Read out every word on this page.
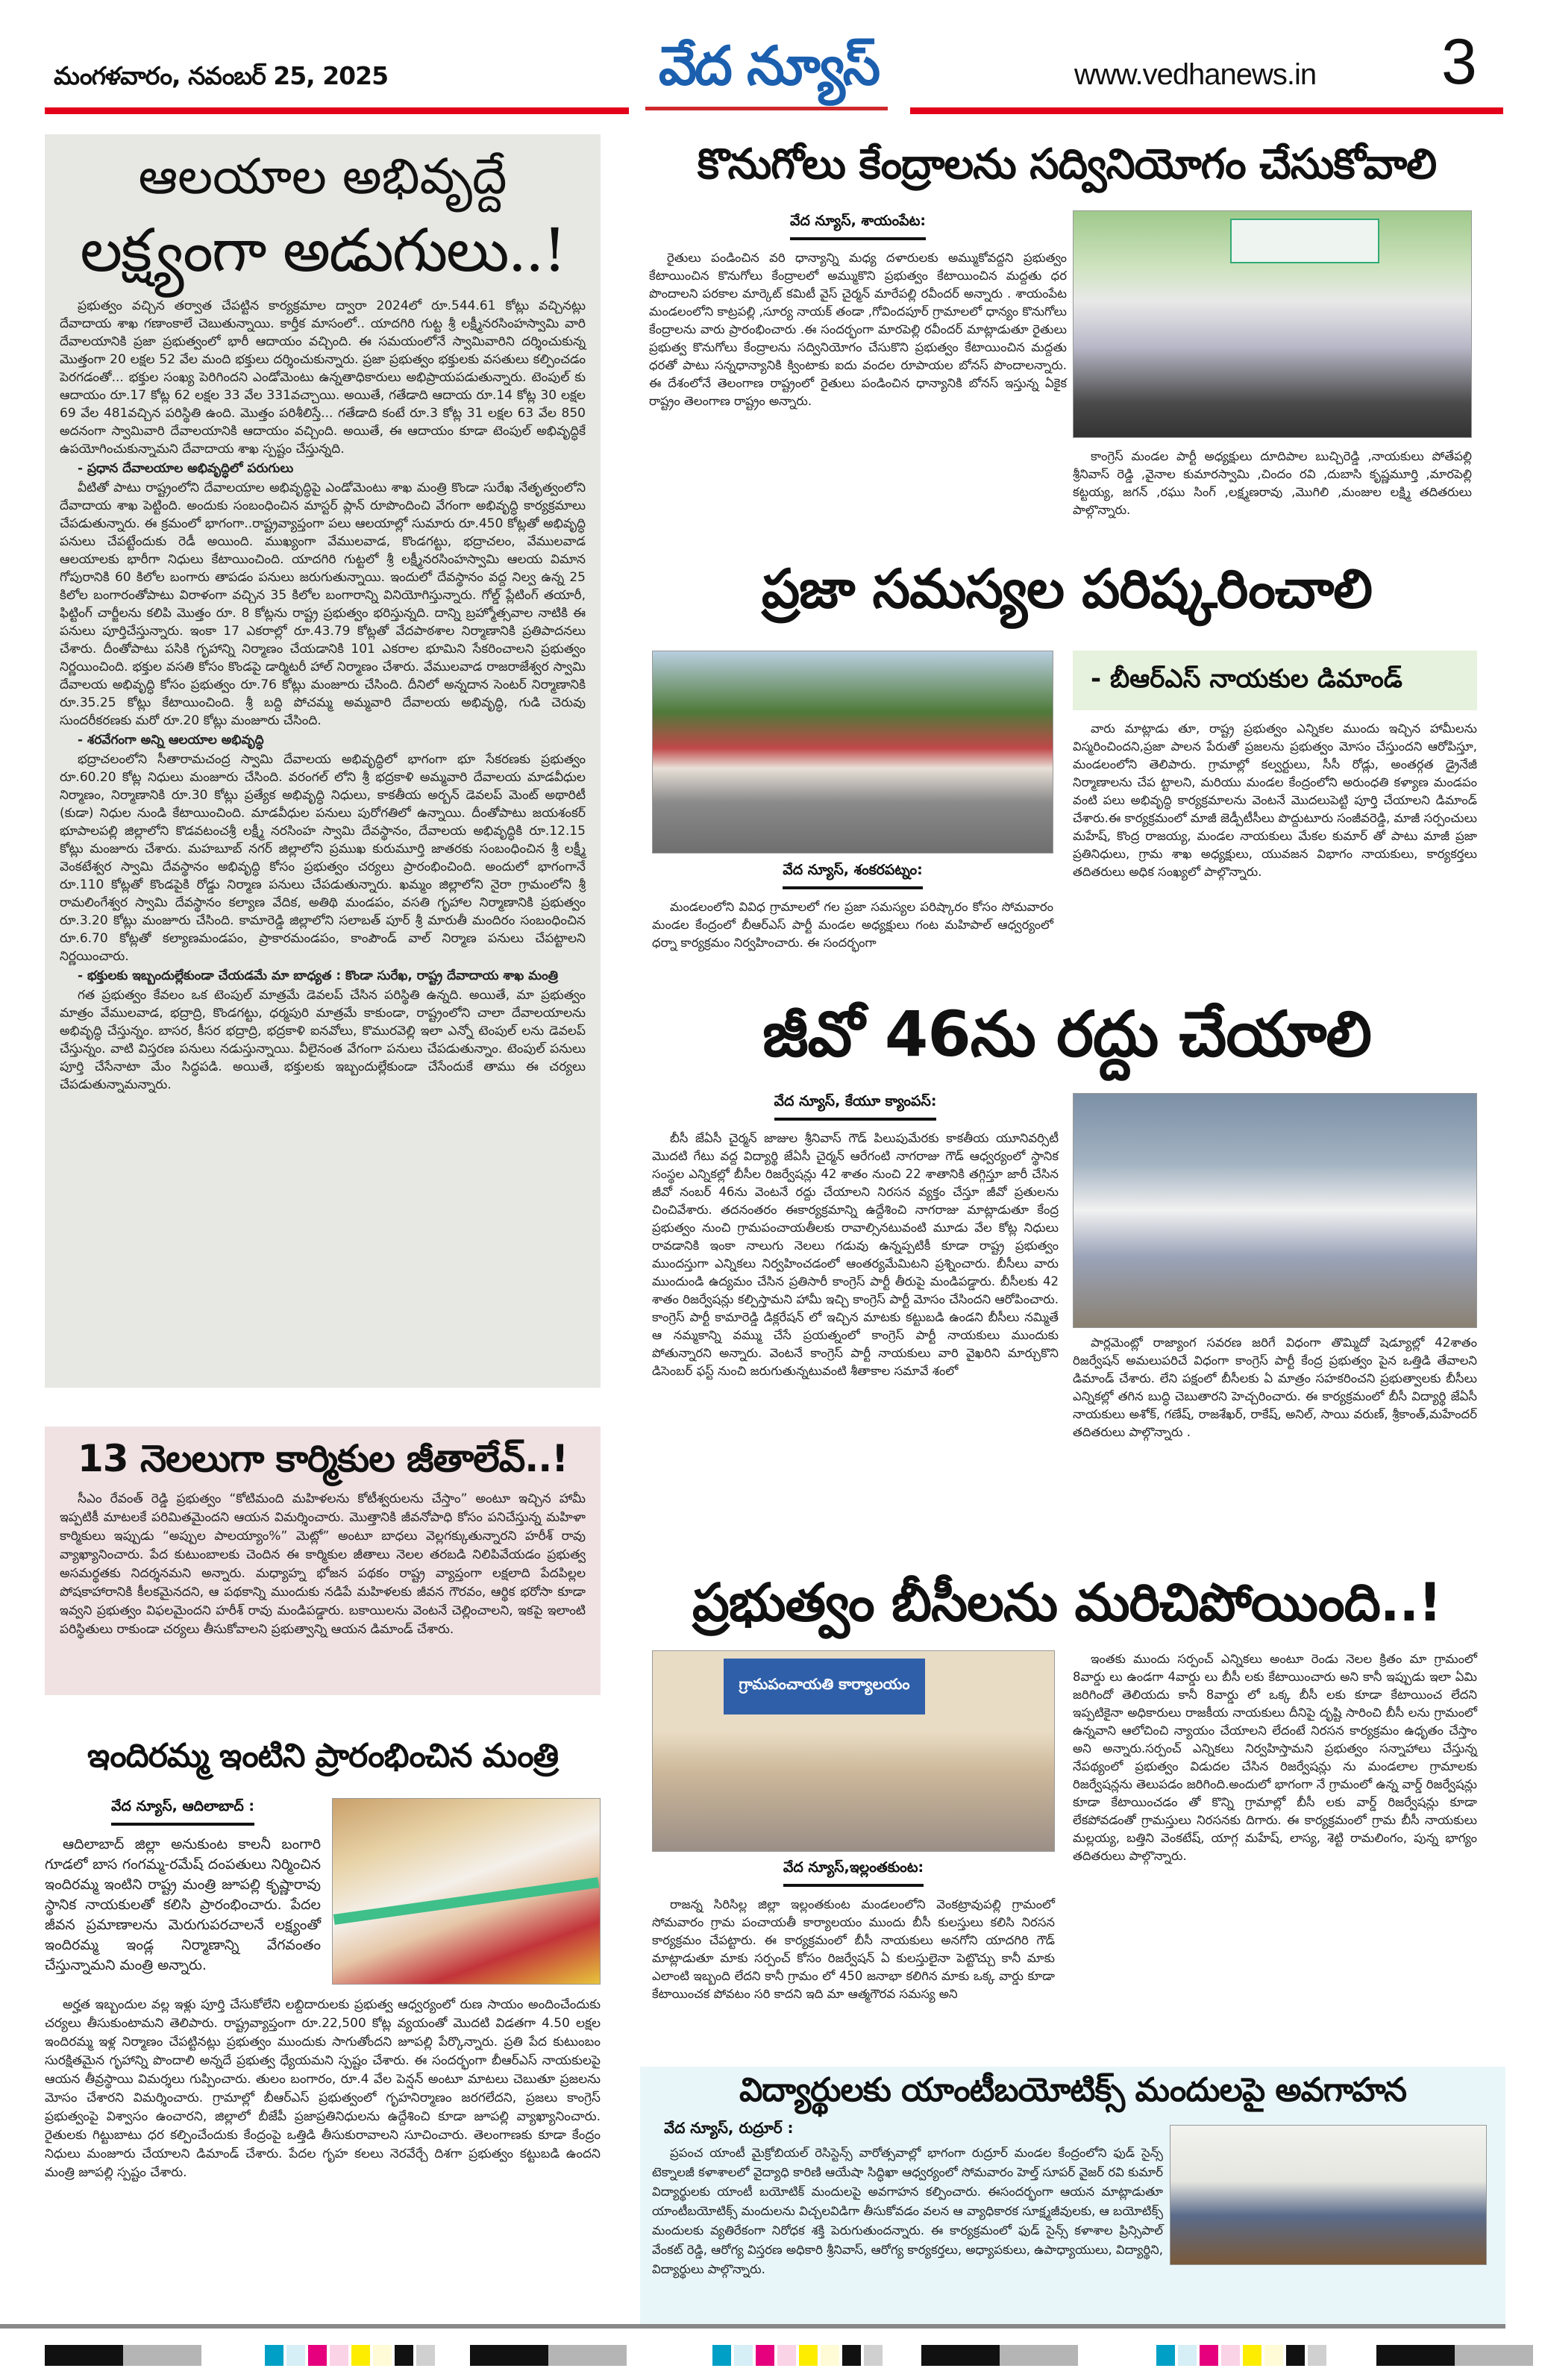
మంగళవారం, నవంబర్ 25, 2025	వేద న్యూస్	www.vedhanews.in 3
ఆలయాల అభివృద్దే
లక్ష్యంగా అడుగులు..!

ప్రభుత్వం వచ్చిన తర్వాత చేపట్టిన కార్యక్రమాల ద్వారా 2024లో రూ.544.61 కోట్లు వచ్చినట్లు దేవాదాయ శాఖ గణాంకాలే చెబుతున్నాయి. కార్తీక మాసంలో.. యాదగిరి గుట్ట శ్రీ లక్ష్మీనరసింహస్వామి వారి దేవాలయానికి ప్రజా ప్రభుత్వంలో భారీ ఆదాయం వచ్చింది. ఈ సమయంలోనే స్వామివారిని దర్శించుకున్న మొత్తంగా 20 లక్షల 52 వేల మంది భక్తులు దర్శించుకున్నారు. ప్రజా ప్రభుత్వం భక్తులకు వసతులు కల్పించడం పెరగడంతో... భక్తుల సంఖ్య పెరిగిందని ఎండోమెంటు ఉన్నతాధికారులు అభిప్రాయపడుతున్నారు. టెంపుల్ కు ఆదాయం రూ.17 కోట్ల 62 లక్షల 33 వేల 331వచ్చాయి. అయితే, గతేడాది ఆదాయ రూ.14 కోట్ల 30 లక్షల 69 వేల 481వచ్చిన పరిస్థితి ఉంది. మొత్తం పరిశీలిస్తే... గతేడాది కంటే రూ.3 కోట్ల 31 లక్షల 63 వేల 850 అదనంగా స్వామివారి దేవాలయానికి ఆదాయం వచ్చింది. అయితే, ఈ ఆదాయం కూడా టెంపుల్ అభివృద్ధికే ఉపయోగించుకున్నామని దేవాదాయ శాఖ స్పష్టం చేస్తున్నది.

- ప్రధాన దేవాలయాల అభివృద్ధిలో పరుగులు

వీటితో పాటు రాష్ట్రంలోని దేవాలయాల అభివృద్ధిపై ఎండోమెంటు శాఖ మంత్రి కొండా సురేఖ నేతృత్వంలోని దేవాదాయ శాఖ పెట్టింది. అందుకు సంబంధించిన మాస్టర్ ప్లాన్ రూపొందించి వేగంగా అభివృద్ధి కార్యక్రమాలు చేపడుతున్నారు. ఈ క్రమంలో భాగంగా..రాష్ట్రవ్యాప్తంగా పలు ఆలయాల్లో సుమారు రూ.450 కోట్లతో అభివృద్ధి పనులు చేపట్టేందుకు రెడీ అయింది. ముఖ్యంగా వేములవాడ, కొండగట్టు, భద్రాచలం, వేములవాడ ఆలయాలకు భారీగా నిధులు కేటాయించింది. యాదగిరి గుట్టలో శ్రీ లక్ష్మీనరసింహస్వామి ఆలయ విమాన గోపురానికి 60 కిలోల బంగారు తాపడం పనులు జరుగుతున్నాయి. ఇందులో దేవస్థానం వద్ద నిల్వ ఉన్న 25 కిలోల బంగారంతోపాటు విరాళంగా వచ్చిన 35 కిలోల బంగారాన్ని వినియోగిస్తున్నారు. గోల్డ్ ప్లేటింగ్ తయారీ, ఫిట్టింగ్ చార్జీలను కలిపి మొత్తం రూ. 8 కోట్లను రాష్ట్ర ప్రభుత్వం భరిస్తున్నది. దాన్ని బ్రహ్మోత్సవాల నాటికి ఈ పనులు పూర్తిచేస్తున్నారు. ఇంకా 17 ఎకరాల్లో రూ.43.79 కోట్లతో వేదపాఠశాల నిర్మాణానికి ప్రతిపాదనలు చేశారు. దీంతోపాటు పసికి గృహాన్ని నిర్మాణం చేయడానికి 101 ఎకరాల భూమిని సేకరించాలని ప్రభుత్వం నిర్ణయించింది. భక్తుల వసతి కోసం కొండపై డార్మిటరీ హాల్ నిర్మాణం చేశారు. వేములవాడ రాజరాజేశ్వర స్వామి దేవాలయ అభివృద్ధి కోసం ప్రభుత్వం రూ.76 కోట్లు మంజూరు చేసింది. దీనిలో అన్నదాన సెంటర్ నిర్మాణానికి రూ.35.25 కోట్లు కేటాయించింది. శ్రీ బద్ది పోచమ్మ అమ్మవారి దేవాలయ అభివృద్ధి, గుడి చెరువు సుందరీకరణకు మరో రూ.20 కోట్లు మంజూరు చేసింది.

- శరవేగంగా అన్ని ఆలయాల అభివృద్ధి

భద్రాచలంలోని సీతారామచంద్ర స్వామి దేవాలయ అభివృద్ధిలో భాగంగా భూ సేకరణకు ప్రభుత్వం రూ.60.20 కోట్ల నిధులు మంజూరు చేసింది. వరంగల్ లోని శ్రీ భద్రకాళి అమ్మవారి దేవాలయ మాడవీధుల నిర్మాణం, నిర్మాణానికి రూ.30 కోట్లు ప్రత్యేక అభివృద్ధి నిధులు, కాకతీయ అర్బన్ డెవలప్ మెంట్ అథారిటీ (కుడా) నిధుల నుండి కేటాయించింది. మాడవీధుల పనులు పురోగతిలో ఉన్నాయి. దీంతోపాటు జయశంకర్ భూపాలపల్లి జిల్లాలోని కొడవటంచశ్రీ లక్ష్మీ నరసింహ స్వామి దేవస్థానం, దేవాలయ అభివృద్ధికి రూ.12.15 కోట్లు మంజూరు చేశారు. మహబూబ్ నగర్ జిల్లాలోని ప్రముఖ కురుమూర్తి జాతరకు సంబంధించిన శ్రీ లక్ష్మీ వెంకటేశ్వర స్వామి దేవస్థానం అభివృద్ధి కోసం ప్రభుత్వం చర్యలు ప్రారంభించింది. అందులో భాగంగానే రూ.110 కోట్లతో కొండపైకి రోడ్డు నిర్మాణ పనులు చేపడుతున్నారు. ఖమ్మం జిల్లాలోని నైరా గ్రామంలోని శ్రీ రామలింగేశ్వర స్వామి దేవస్థానం కల్యాణ వేదిక, అతిథి మండపం, వసతి గృహాల నిర్మాణానికి ప్రభుత్వం రూ.3.20 కోట్లు మంజూరు చేసింది. కామారెడ్డి జిల్లాలోని సలాబత్ పూర్ శ్రీ మారుతీ మందిరం సంబంధించిన రూ.6.70 కోట్లతో కల్యాణమండపం, ప్రాకారమండపం, కాంపౌండ్ వాల్ నిర్మాణ పనులు చేపట్టాలని నిర్ణయించారు.

- భక్తులకు ఇబ్బందుల్లేకుండా చేయడమే మా బాధ్యత : కొండా సురేఖ, రాష్ట్ర దేవాదాయ శాఖ మంత్రి

గత ప్రభుత్వం కేవలం ఒక టెంపుల్ మాత్రమే డెవలప్ చేసిన పరిస్థితి ఉన్నది. అయితే, మా ప్రభుత్వం మాత్రం వేములవాడ, భద్రాద్రి, కొండగట్టు, ధర్మపురి మాత్రమే కాకుండా, రాష్ట్రంలోని చాలా దేవాలయాలను అభివృద్ధి చేస్తున్నం. బాసర, కీసర భద్రాద్రి, భద్రకాళి ఐనవోలు, కొమురవెల్లి ఇలా ఎన్నో టెంపుల్ లను డెవలప్ చేస్తున్నం. వాటి విస్తరణ పనులు నడుస్తున్నాయి. వీలైనంత వేగంగా పనులు చేపడుతున్నాం. టెంపుల్ పనులు పూర్తి చేసేనాటా మేం సిద్ధపడి. అయితే, భక్తులకు ఇబ్బందుల్లేకుండా చేసేందుకే తాము ఈ చర్యలు చేపడుతున్నామన్నారు.

13 నెలలుగా కార్మికుల జీతాలేవ్..!

సీఎం రేవంత్ రెడ్డి ప్రభుత్వం “కోటిమంది మహిళలను కోటీశ్వరులను చేస్తాం” అంటూ ఇచ్చిన హామీ ఇప్పటికీ మాటలకే పరిమితమైందని ఆయన విమర్శించారు. మొత్తానికి జీవనోపాధి కోసం పనిచేస్తున్న మహిళా కార్మికులు ఇప్పుడు “అప్పుల పాలయ్యాం%” మెట్లో” అంటూ బాధలు వెల్లగక్కుతున్నారని హరీశ్ రావు వ్యాఖ్యానించారు. పేద కుటుంబాలకు చెందిన ఈ కార్మికుల జీతాలు నెలల తరబడి నిలిపివేయడం ప్రభుత్వ అసమర్థతకు నిదర్శనమని అన్నారు. మధ్యాహ్న భోజన పథకం రాష్ట్ర వ్యాప్తంగా లక్షలాది పేదపిల్లల పోషకాహారానికి కీలకమైనదని, ఆ పథకాన్ని ముందుకు నడిపే మహిళలకు జీవన గౌరవం, ఆర్థిక భరోసా కూడా ఇవ్వని ప్రభుత్వం విఫలమైందని హరీశ్ రావు మండిపడ్డారు. బకాయిలను వెంటనే చెల్లించాలని, ఇకపై ఇలాంటి పరిస్థితులు రాకుండా చర్యలు తీసుకోవాలని ప్రభుత్వాన్ని ఆయన డిమాండ్ చేశారు.

ఇందిరమ్మ ఇంటిని ప్రారంభించిన మంత్రి
వేద న్యూస్, ఆదిలాబాద్ :

ఆదిలాబాద్ జిల్లా అనుకుంట కాలనీ బంగారి గూడలో బాస గంగమ్మ-రమేష్ దంపతులు నిర్మించిన ఇందిరమ్మ ఇంటిని రాష్ట్ర మంత్రి జూపల్లి కృష్ణారావు స్థానిక నాయకులతో కలిసి ప్రారంభించారు. పేదల జీవన ప్రమాణాలను మెరుగుపరచాలనే లక్ష్యంతో ఇందిరమ్మ ఇండ్ల నిర్మాణాన్ని వేగవంతం చేస్తున్నామని మంత్రి అన్నారు.

అర్హత ఇబ్బందుల వల్ల ఇళ్లు పూర్తి చేసుకోలేని లబ్దిదారులకు ప్రభుత్వ ఆధ్వర్యంలో రుణ సాయం అందించేందుకు చర్యలు తీసుకుంటామని తెలిపారు. రాష్ట్రవ్యాప్తంగా రూ.22,500 కోట్ల వ్యయంతో మొదటి విడతగా 4.50 లక్షల ఇందిరమ్మ ఇళ్ల నిర్మాణం చేపట్టినట్లు ప్రభుత్వం ముందుకు సాగుతోందని జూపల్లి పేర్కొన్నారు. ప్రతి పేద కుటుంబం సురక్షితమైన గృహాన్ని పొందాలి అన్నదే ప్రభుత్వ ధ్యేయమని స్పష్టం చేశారు. ఈ సందర్భంగా బీఆర్ఎస్ నాయకులపై ఆయన తీవ్రస్థాయి విమర్శలు గుప్పించారు. తులం బంగారం, రూ.4 వేల పెన్షన్ అంటూ మాటలు చెబుతూ ప్రజలను మోసం చేశారని విమర్శించారు. గ్రామాల్లో బీఆర్ఎస్ ప్రభుత్వంలో గృహనిర్మాణం జరగలేదని, ప్రజలు కాంగ్రెస్ ప్రభుత్వంపై విశ్వాసం ఉంచారని, జిల్లాలో బీజేపీ ప్రజాప్రతినిధులను ఉద్దేశించి కూడా జూపల్లి వ్యాఖ్యానించారు. రైతులకు గిట్టుబాటు ధర కల్పించేందుకు కేంద్రంపై ఒత్తిడి తీసుకురావాలని సూచించారు. తెలంగాణకు కూడా కేంద్రం నిధులు మంజూరు చేయాలని డిమాండ్ చేశారు. పేదల గృహ కలలు నెరవేర్చే దిశగా ప్రభుత్వం కట్టుబడి ఉందని మంత్రి జూపల్లి స్పష్టం చేశారు.

కొనుగోలు కేంద్రాలను సద్వినియోగం చేసుకోవాలి
వేద న్యూస్, శాయంపేట:

రైతులు పండించిన వరి ధాన్యాన్ని మధ్య దళారులకు అమ్ముకోవద్దని ప్రభుత్వం కేటాయించిన కొనుగోలు కేంద్రాలలో అమ్ముకొని ప్రభుత్వం కేటాయించిన మద్దతు ధర పొందాలని పరకాల మార్కెట్ కమిటీ వైస్ చైర్మన్ మారేపల్లి రవీందర్ అన్నారు . శాయంపేట మండలంలోని కాట్రపల్లి ,సూర్య నాయక్ తండా ,గోవిందపూర్ గ్రామాలలో ధాన్యం కొనుగోలు కేంద్రాలను వారు ప్రారంభించారు .ఈ సందర్భంగా మారపెల్లి రవీందర్ మాట్లాడుతూ రైతులు ప్రభుత్వ కొనుగోలు కేంద్రాలను సద్వినియోగం చేసుకొని ప్రభుత్వం కేటాయించిన మద్దతు ధరతో పాటు సన్నధాన్యానికి క్వింటాకు ఐదు వందల రూపాయల బోనస్ పొందాలన్నారు. ఈ దేశంలోనే తెలంగాణ రాష్ట్రంలో రైతులు పండించిన ధాన్యానికి బోనస్ ఇస్తున్న ఏకైక రాష్ట్రం తెలంగాణ రాష్ట్రం అన్నారు.

కాంగ్రెస్ మండల పార్టీ అధ్యక్షులు దూదిపాల బుచ్చిరెడ్డి ,నాయకులు పోతేపల్లి శ్రీనివాస్ రెడ్డి ,వైనాల కుమారస్వామి ,చిందం రవి ,దుబాసి కృష్ణమూర్తి ,మారపెల్లి కట్టయ్య, జగన్ ,రఘు సింగ్ ,లక్ష్మణరావు ,మొగిలి ,మంజుల లక్ష్మి తదితరులు పాల్గొన్నారు.

ప్రజా సమస్యల పరిష్కరించాలి
వేద న్యూస్, శంకరపట్నం:

మండలంలోని వివిధ గ్రామాలలో గల ప్రజా సమస్యల పరిష్కారం కోసం సోమవారం మండల కేంద్రంలో బీఆర్ఎస్ పార్టీ మండల అధ్యక్షులు గంట మహిపాల్ ఆధ్వర్యంలో ధర్నా కార్యక్రమం నిర్వహించారు. ఈ సందర్భంగా

- బీఆర్ఎస్ నాయకుల డిమాండ్

వారు మాట్లాడు తూ, రాష్ట్ర ప్రభుత్వం ఎన్నికల ముందు ఇచ్చిన హామీలను విస్మరించిందని,ప్రజా పాలన పేరుతో ప్రజలను ప్రభుత్వం మోసం చేస్తుందని ఆరోపిస్తూ, మండలంలోని తెలిపారు. గ్రామాల్లో కల్వర్టులు, సీసీ రోడ్లు, అంతర్గత డ్రైనేజీ నిర్మాణాలను చేప ట్టాలని, మరియు మండల కేంద్రంలోని అరుంధతి కళ్యాణ మండపం వంటి పలు అభివృద్ధి కార్యక్రమాలను వెంటనే మొదలుపెట్టి పూర్తి చేయాలని డిమాండ్ చేశారు.ఈ కార్యక్రమంలో మాజీ జెడ్పీటీసీలు పొద్దుటూరు సంజీవరెడ్డి, మాజీ సర్పంచులు మహేష్, కొంద్ర రాజయ్య, మండల నాయకులు మేకల కుమార్ తో పాటు మాజీ ప్రజా ప్రతినిధులు, గ్రామ శాఖ అధ్యక్షులు, యువజన విభాగం నాయకులు, కార్యకర్తలు తదితరులు అధిక సంఖ్యలో పాల్గొన్నారు.

జీవో 46ను రద్దు చేయాలి
వేద న్యూస్, కేయూ క్యాంపస్:

బీసీ జేఏసీ చైర్మన్ జాజుల శ్రీనివాస్ గౌడ్ పిలుపుమేరకు కాకతీయ యూనివర్సిటీ మొదటి గేటు వద్ద విద్యార్థి జేఏసీ చైర్మన్ ఆరేగంటి నాగరాజు గౌడ్ ఆధ్వర్యంలో స్థానిక సంస్థల ఎన్నికల్లో బీసీల రిజర్వేషన్లు 42 శాతం నుంచి 22 శాతానికి తగ్గిస్తూ జారీ చేసిన జీవో నంబర్ 46ను వెంటనే రద్దు చేయాలని నిరసన వ్యక్తం చేస్తూ జీవో ప్రతులను చించివేశారు. తదనంతరం ఈకార్యక్రమాన్ని ఉద్దేశించి నాగరాజు మాట్లాడుతూ కేంద్ర ప్రభుత్వం నుంచి గ్రామపంచాయతీలకు రావాల్సినటువంటి మూడు వేల కోట్ల నిధులు రావడానికి ఇంకా నాలుగు నెలలు గడువు ఉన్నప్పటికీ కూడా రాష్ట్ర ప్రభుత్వం ముందస్తుగా ఎన్నికలు నిర్వహించడంలో ఆంతర్యమేమిటని ప్రశ్నించారు. బీసీలు వారు ముందుండి ఉద్యమం చేసిన ప్రతిసారీ కాంగ్రెస్ పార్టీ తీరుపై మండిపడ్డారు. బీసీలకు 42 శాతం రిజర్వేషన్లు కల్పిస్తామని హామీ ఇచ్చి కాంగ్రెస్ పార్టీ మోసం చేసిందని ఆరోపించారు. కాంగ్రెస్ పార్టీ కామారెడ్డి డిక్లరేషన్ లో ఇచ్చిన మాటకు కట్టుబడి ఉండని బీసీలు నమ్మితే ఆ నమ్మకాన్ని వమ్ము చేసే ప్రయత్నంలో కాంగ్రెస్ పార్టీ నాయకులు ముందుకు పోతున్నారని అన్నారు. వెంటనే కాంగ్రెస్ పార్టీ నాయకులు వారి వైఖరిని మార్చుకొని డిసెంబర్ ఫస్ట్ నుంచి జరుగుతున్నటువంటి శీతాకాల సమావే శంలో

పార్లమెంట్లో రాజ్యాంగ సవరణ జరిగే విధంగా తొమ్మిదో షెడ్యూల్లో 42శాతం రిజర్వేషన్ అమలుపరిచే విధంగా కాంగ్రెస్ పార్టీ కేంద్ర ప్రభుత్వం పైన ఒత్తిడి తేవాలని డిమాండ్ చేశారు. లేని పక్షంలో బీసీలకు ఏ మాత్రం సహకరించని ప్రభుత్వాలకు బీసీలు ఎన్నికల్లో తగిన బుద్ధి చెబుతారని హెచ్చరించారు. ఈ కార్యక్రమంలో బీసీ విద్యార్థి జేఏసీ నాయకులు అశోక్, గణేష్, రాజశేఖర్, రాకేష్, అనిల్, సాయి వరుణ్, శ్రీకాంత్,మహేందర్ తదితరులు పాల్గొన్నారు .

ప్రభుత్వం బీసీలను మరిచిపోయింది..!
గ్రామపంచాయతి కార్యాలయం
వేద న్యూస్,ఇల్లంతకుంట:

రాజన్న సిరిసిల్ల జిల్లా ఇల్లంతకుంట మండలంలోని వెంకట్రావుపల్లి గ్రామంలో సోమవారం గ్రామ పంచాయతీ కార్యాలయం ముందు బీసీ కులస్తులు కలిసి నిరసన కార్యక్రమం చేపట్టారు. ఈ కార్యక్రమంలో బీసీ నాయకులు అనగోని యాదగిరి గౌడ్ మాట్లాడుతూ మాకు సర్పంచ్ కోసం రిజర్వేషన్ ఏ కులస్తులైనా పెట్టొచ్చు కానీ మాకు ఎలాంటి ఇబ్బంది లేదని కానీ గ్రామం లో 450 జనాభా కలిగిన మాకు ఒక్క వార్డు కూడా కేటాయించక పోవటం సరి కాదని ఇది మా ఆత్మగౌరవ సమస్య అని

ఇంతకు ముందు సర్పంచ్ ఎన్నికలు అంటూ రెండు నెలల క్రితం మా గ్రామంలో 8వార్డు లు ఉండగా 4వార్డు లు బీసీ లకు కేటాయించారు అని కానీ ఇప్పుడు ఇలా ఏమి జరిగిందో తెలియదు కానీ 8వార్డు లో ఒక్క బీసీ లకు కూడా కేటాయించ లేదని ఇప్పటికైనా అధికారులు రాజకీయ నాయకులు దీనిపై దృష్టి సారించి బీసీ లను గ్రామంలో ఉన్నవాని ఆలోచించి న్యాయం చేయాలని లేదంటే నిరసన కార్యక్రమం ఉధృతం చేస్తాం అని అన్నారు.సర్పంచ్ ఎన్నికలు నిర్వహిస్తామని ప్రభుత్వం సన్నాహాలు చేస్తున్న నేపథ్యంలో ప్రభుత్వం విడుదల చేసిన రిజర్వేషన్లు ను మండలాల గ్రామాలకు రిజర్వేషన్లను తెలుపడం జరిగింది.అందులో భాగంగా నే గ్రామంలో ఉన్న వార్డ్ రిజర్వేషన్లు కూడా కేటాయించడం తో కొన్ని గ్రామాల్లో బీసీ లకు వార్డ్ రిజర్వేషన్లు కూడా లేకపోవడంతో గ్రామస్తులు నిరసనకు దిగారు. ఈ కార్యక్రమంలో గ్రామ బీసీ నాయకులు మల్లయ్య, బత్తిని వెంకటేష్, యాగ్గ మహేష్, లాస్య, శెట్టి రామలింగం, పున్న భాగ్యం తదితరులు పాల్గొన్నారు.

విద్యార్థులకు యాంటీబయోటిక్స్ మందులపై అవగాహన
వేద న్యూస్, రుద్రూర్ :

ప్రపంచ యాంటీ మైక్రోబియల్ రెసిస్టెన్స్ వారోత్సవాల్లో భాగంగా రుద్రూర్ మండల కేంద్రంలోని ఫుడ్ సైన్స్ టెక్నాలజీ కళాశాలలో వైద్యాధి కారిణి ఆయేషా సిద్ధిఖా ఆధ్వర్యంలో సోమవారం హెల్త్ సూపర్ వైజర్ రవి కుమార్ విద్యార్థులకు యాంటీ బయోటిక్ మందులపై అవగాహన కల్పించారు. ఈసందర్భంగా ఆయన మాట్లాడుతూ యాంటీబయోటిక్స్ మందులను విచ్చలవిడిగా తీసుకోవడం వలన ఆ వ్యాధికారక సూక్ష్మజీవులకు, ఆ బయోటిక్స్ మందులకు వ్యతిరేకంగా నిరోధక శక్తి పెరుగుతుందన్నారు. ఈ కార్యక్రమంలో ఫుడ్ సైన్స్ కళాశాల ప్రిన్సిపాల్ వేంకట్ రెడ్డి, ఆరోగ్య విస్తరణ అధికారి శ్రీనివాస్, ఆరోగ్య కార్యకర్తలు, అధ్యాపకులు, ఉపాధ్యాయులు, విద్యార్థిని, విద్యార్థులు పాల్గొన్నారు.
